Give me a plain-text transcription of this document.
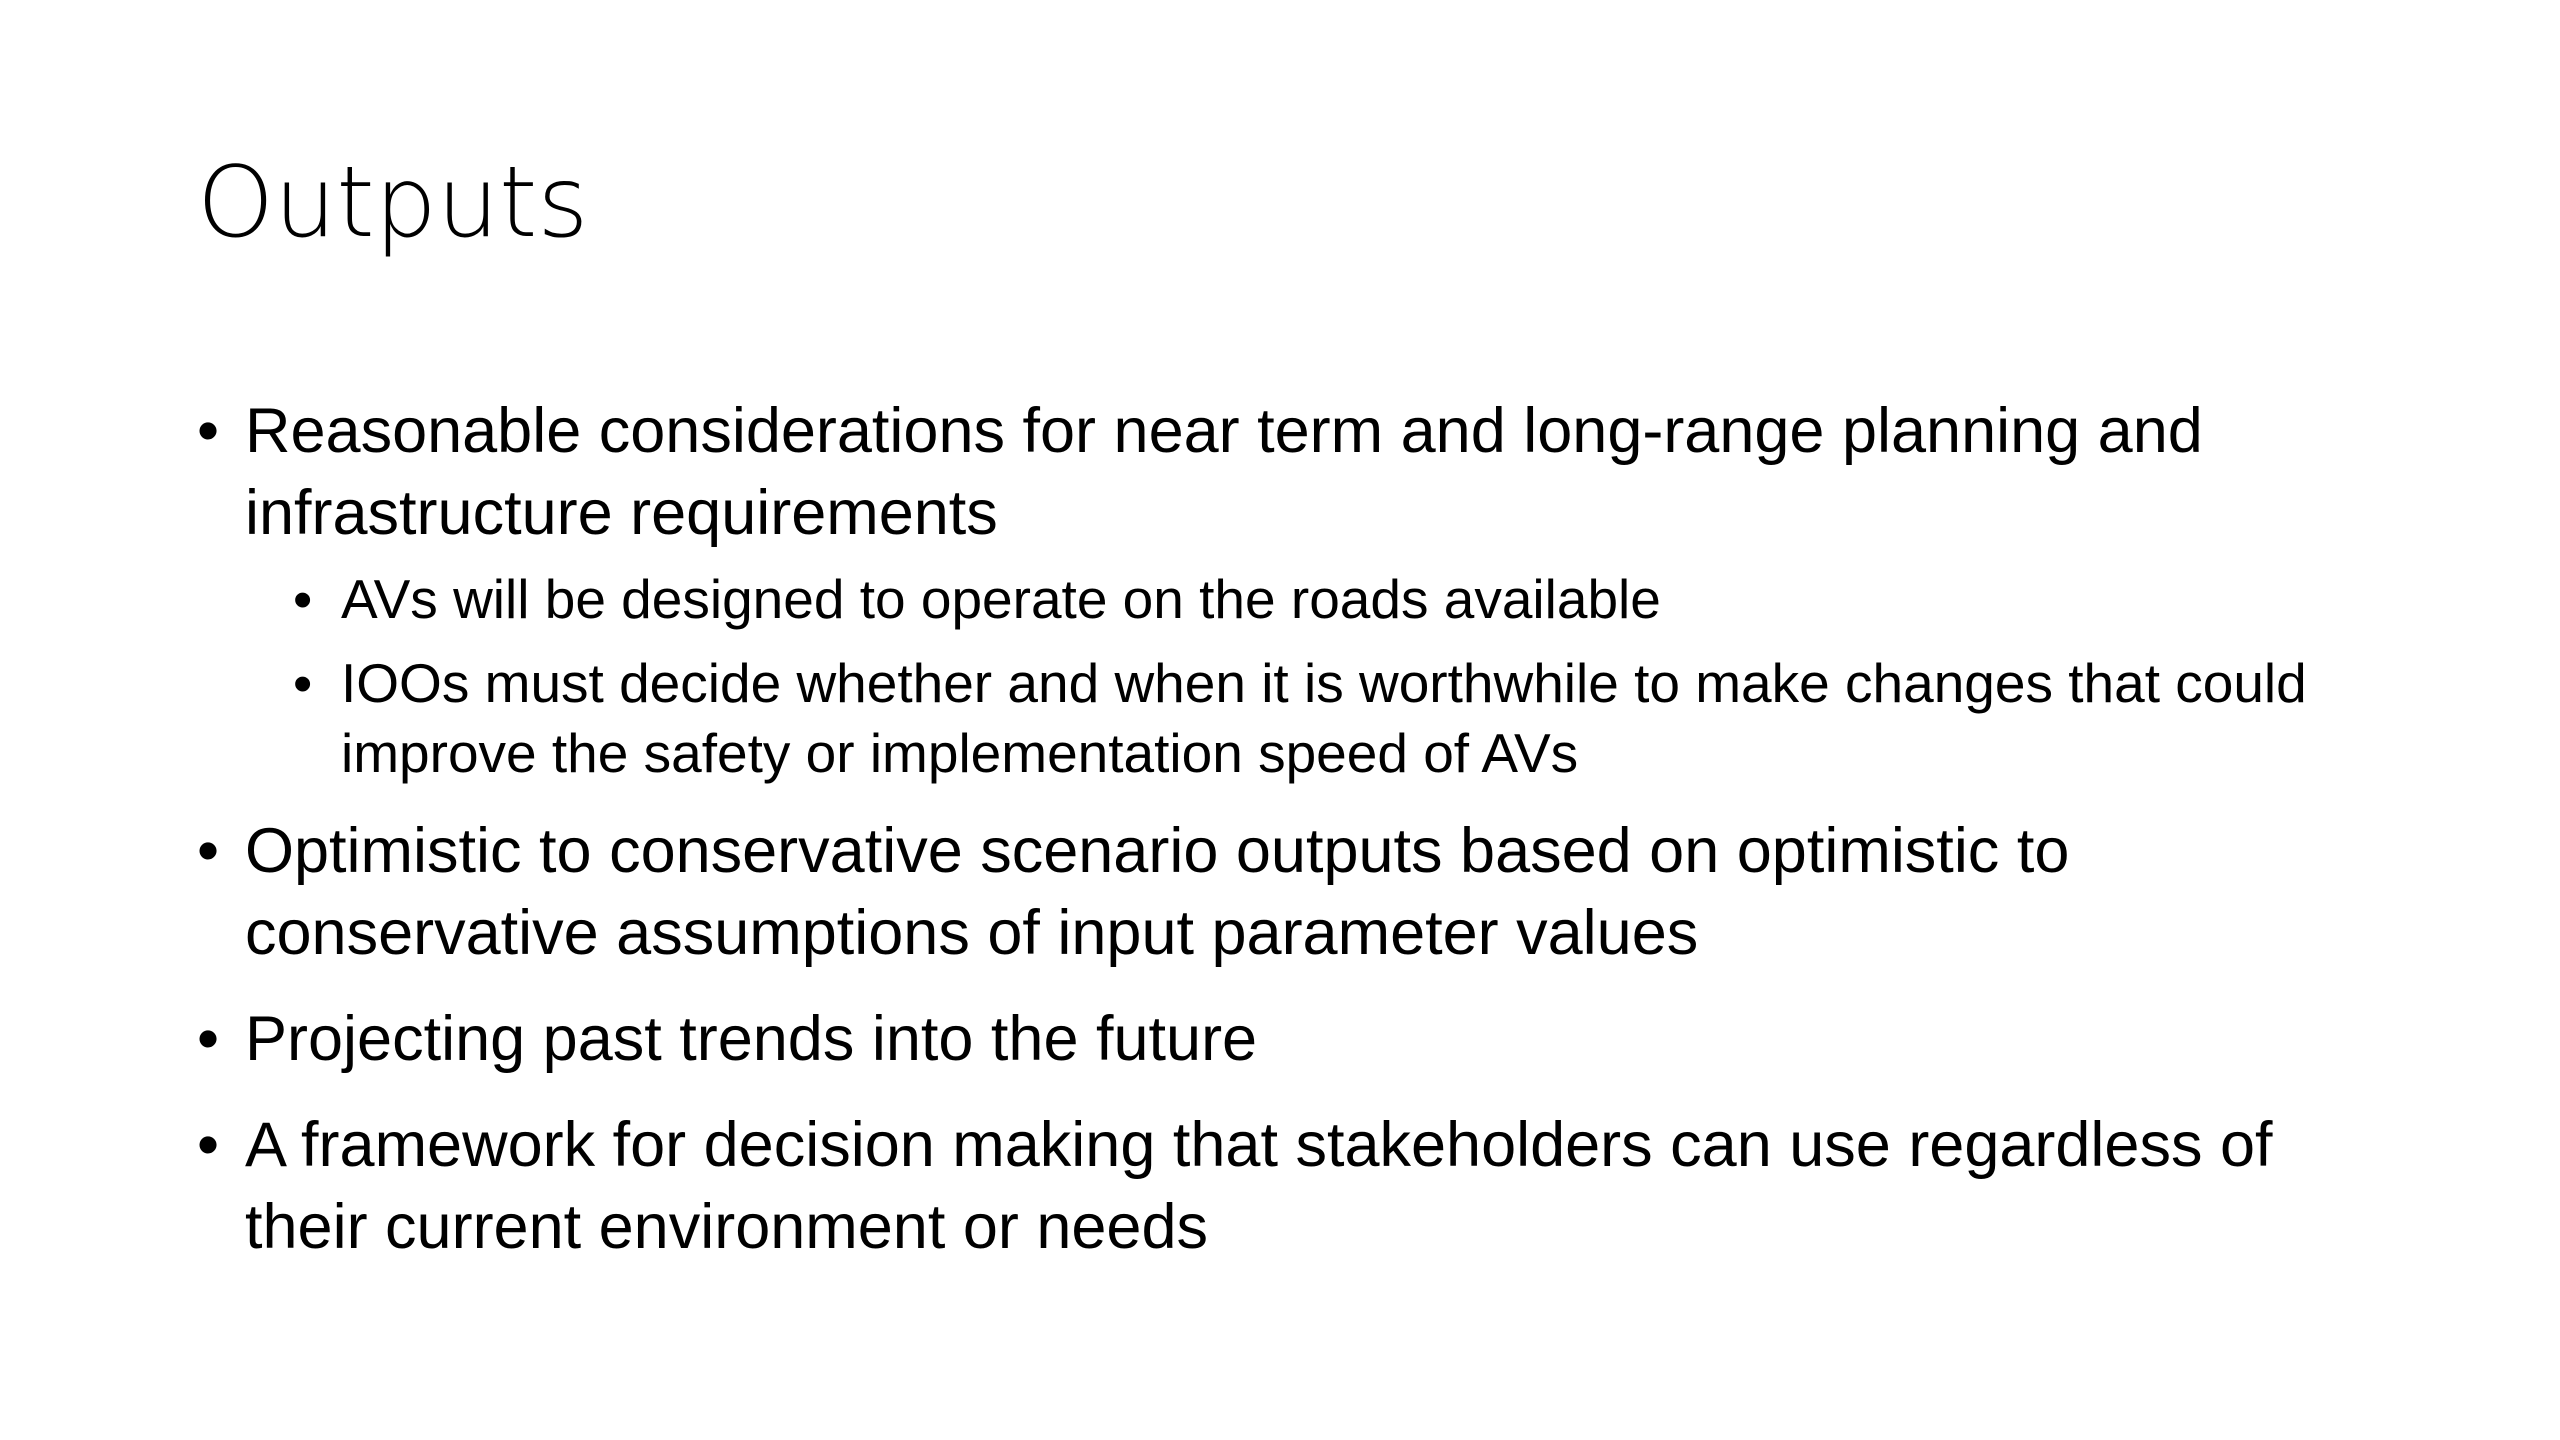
Outputs
• Reasonable considerations for near term and long-range planning and infrastructure requirements
• AVs will be designed to operate on the roads available
• IOOs must decide whether and when it is worthwhile to make changes that could improve the safety or implementation speed of AVs
• Optimistic to conservative scenario outputs based on optimistic to conservative assumptions of input parameter values
• Projecting past trends into the future
• A framework for decision making that stakeholders can use regardless of their current environment or needs
